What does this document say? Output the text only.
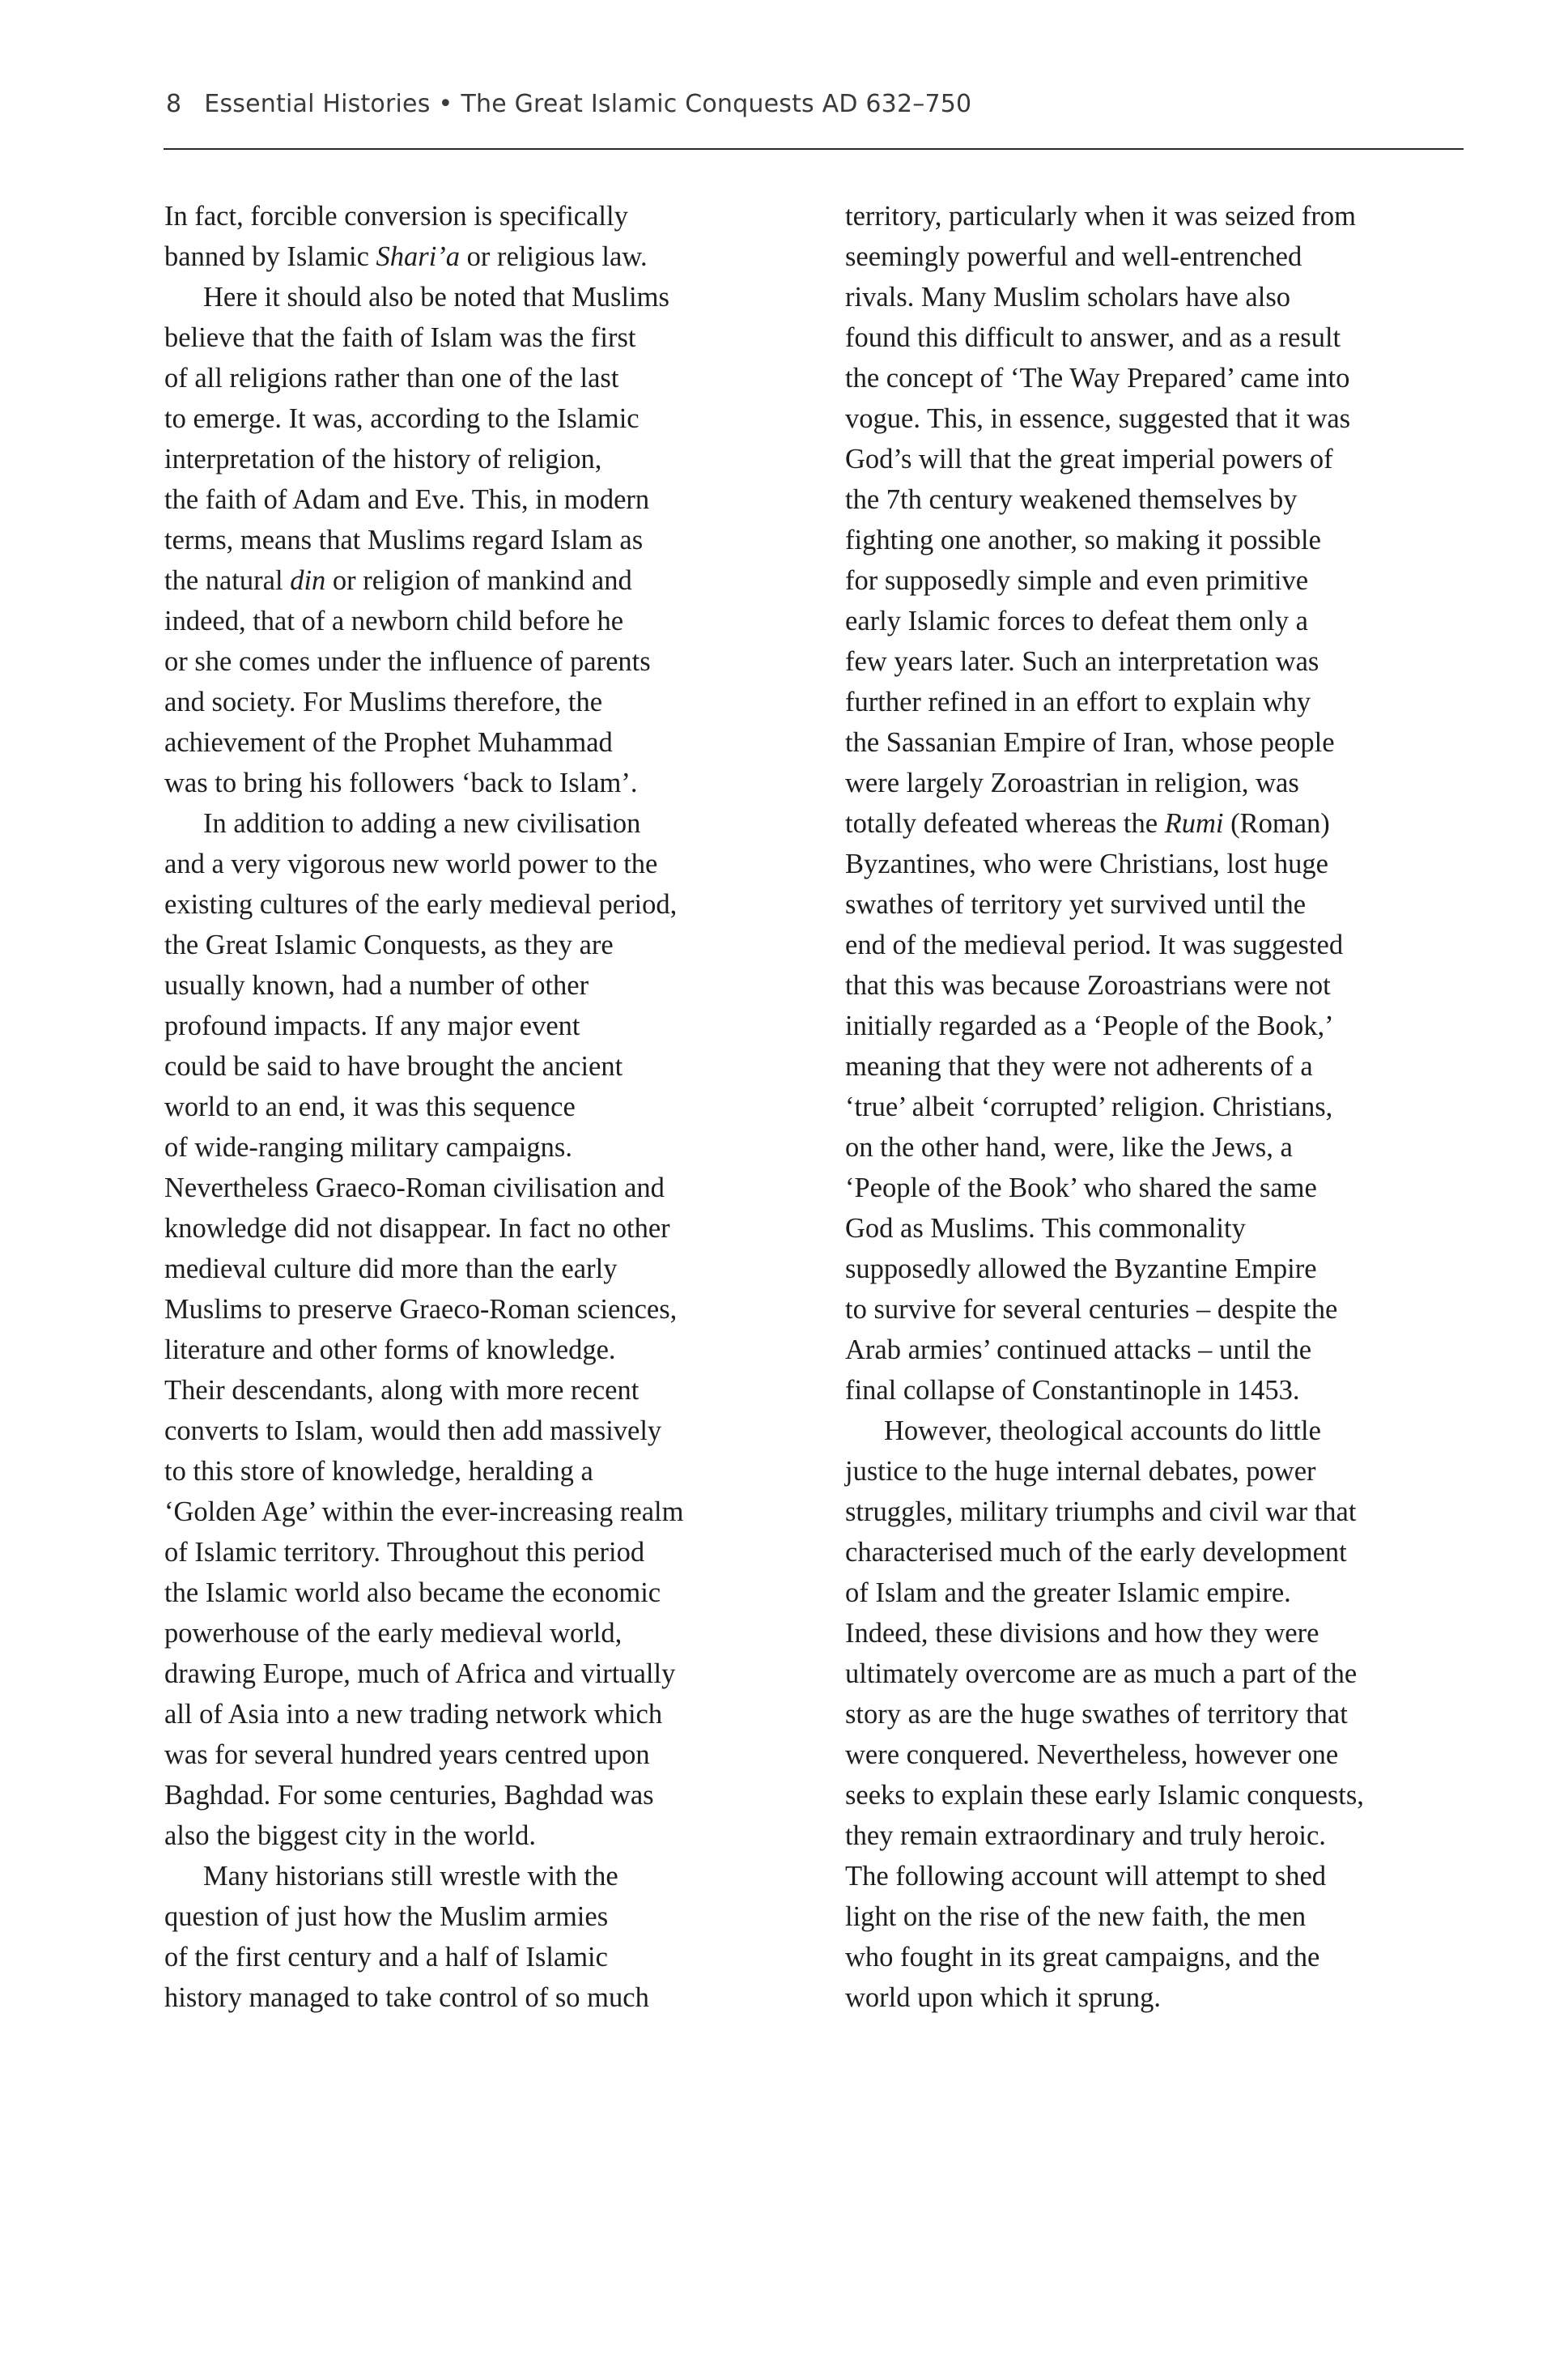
8 Essential Histories • The Great Islamic Conquests AD 632–750
In fact, forcible conversion is specifically
banned by Islamic Shari’a or religious law.
Here it should also be noted that Muslims
believe that the faith of Islam was the first
of all religions rather than one of the last
to emerge. It was, according to the Islamic
interpretation of the history of religion,
the faith of Adam and Eve. This, in modern
terms, means that Muslims regard Islam as
the natural din or religion of mankind and
indeed, that of a newborn child before he
or she comes under the influence of parents
and society. For Muslims therefore, the
achievement of the Prophet Muhammad
was to bring his followers ‘back to Islam’.
In addition to adding a new civilisation
and a very vigorous new world power to the
existing cultures of the early medieval period,
the Great Islamic Conquests, as they are
usually known, had a number of other
profound impacts. If any major event
could be said to have brought the ancient
world to an end, it was this sequence
of wide-ranging military campaigns.
Nevertheless Graeco-Roman civilisation and
knowledge did not disappear. In fact no other
medieval culture did more than the early
Muslims to preserve Graeco-Roman sciences,
literature and other forms of knowledge.
Their descendants, along with more recent
converts to Islam, would then add massively
to this store of knowledge, heralding a
‘Golden Age’ within the ever-increasing realm
of Islamic territory. Throughout this period
the Islamic world also became the economic
powerhouse of the early medieval world,
drawing Europe, much of Africa and virtually
all of Asia into a new trading network which
was for several hundred years centred upon
Baghdad. For some centuries, Baghdad was
also the biggest city in the world.
Many historians still wrestle with the
question of just how the Muslim armies
of the first century and a half of Islamic
history managed to take control of so much
territory, particularly when it was seized from
seemingly powerful and well-entrenched
rivals. Many Muslim scholars have also
found this difficult to answer, and as a result
the concept of ‘The Way Prepared’ came into
vogue. This, in essence, suggested that it was
God’s will that the great imperial powers of
the 7th century weakened themselves by
fighting one another, so making it possible
for supposedly simple and even primitive
early Islamic forces to defeat them only a
few years later. Such an interpretation was
further refined in an effort to explain why
the Sassanian Empire of Iran, whose people
were largely Zoroastrian in religion, was
totally defeated whereas the Rumi (Roman)
Byzantines, who were Christians, lost huge
swathes of territory yet survived until the
end of the medieval period. It was suggested
that this was because Zoroastrians were not
initially regarded as a ‘People of the Book,’
meaning that they were not adherents of a
‘true’ albeit ‘corrupted’ religion. Christians,
on the other hand, were, like the Jews, a
‘People of the Book’ who shared the same
God as Muslims. This commonality
supposedly allowed the Byzantine Empire
to survive for several centuries – despite the
Arab armies’ continued attacks – until the
final collapse of Constantinople in 1453.
However, theological accounts do little
justice to the huge internal debates, power
struggles, military triumphs and civil war that
characterised much of the early development
of Islam and the greater Islamic empire.
Indeed, these divisions and how they were
ultimately overcome are as much a part of the
story as are the huge swathes of territory that
were conquered. Nevertheless, however one
seeks to explain these early Islamic conquests,
they remain extraordinary and truly heroic.
The following account will attempt to shed
light on the rise of the new faith, the men
who fought in its great campaigns, and the
world upon which it sprung.
